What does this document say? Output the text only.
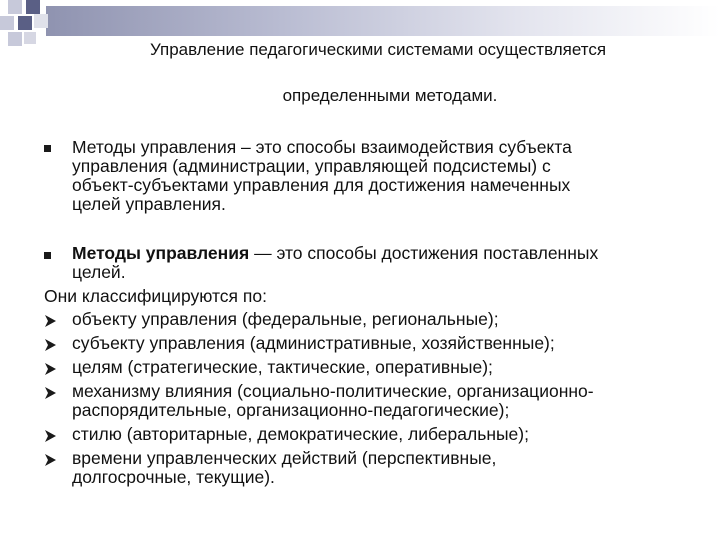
Управление педагогическими системами осуществляется
определенными методами.
Методы управления – это способы взаимодействия субъекта
управления (администрации, управляющей подсистемы) с
объект-субъектами управления для достижения намеченных
целей управления.
Методы управления — это способы достижения поставленных
целей.
Они классифицируются по:
объекту управления (федеральные, региональные);
субъекту управления (административные, хозяйственные);
целям (стратегические, тактические, оперативные);
механизму влияния (социально-политические, организационно-
распорядительные, организационно-педагогические);
стилю (авторитарные, демократические, либеральные);
времени управленческих действий (перспективные,
долгосрочные, текущие).
